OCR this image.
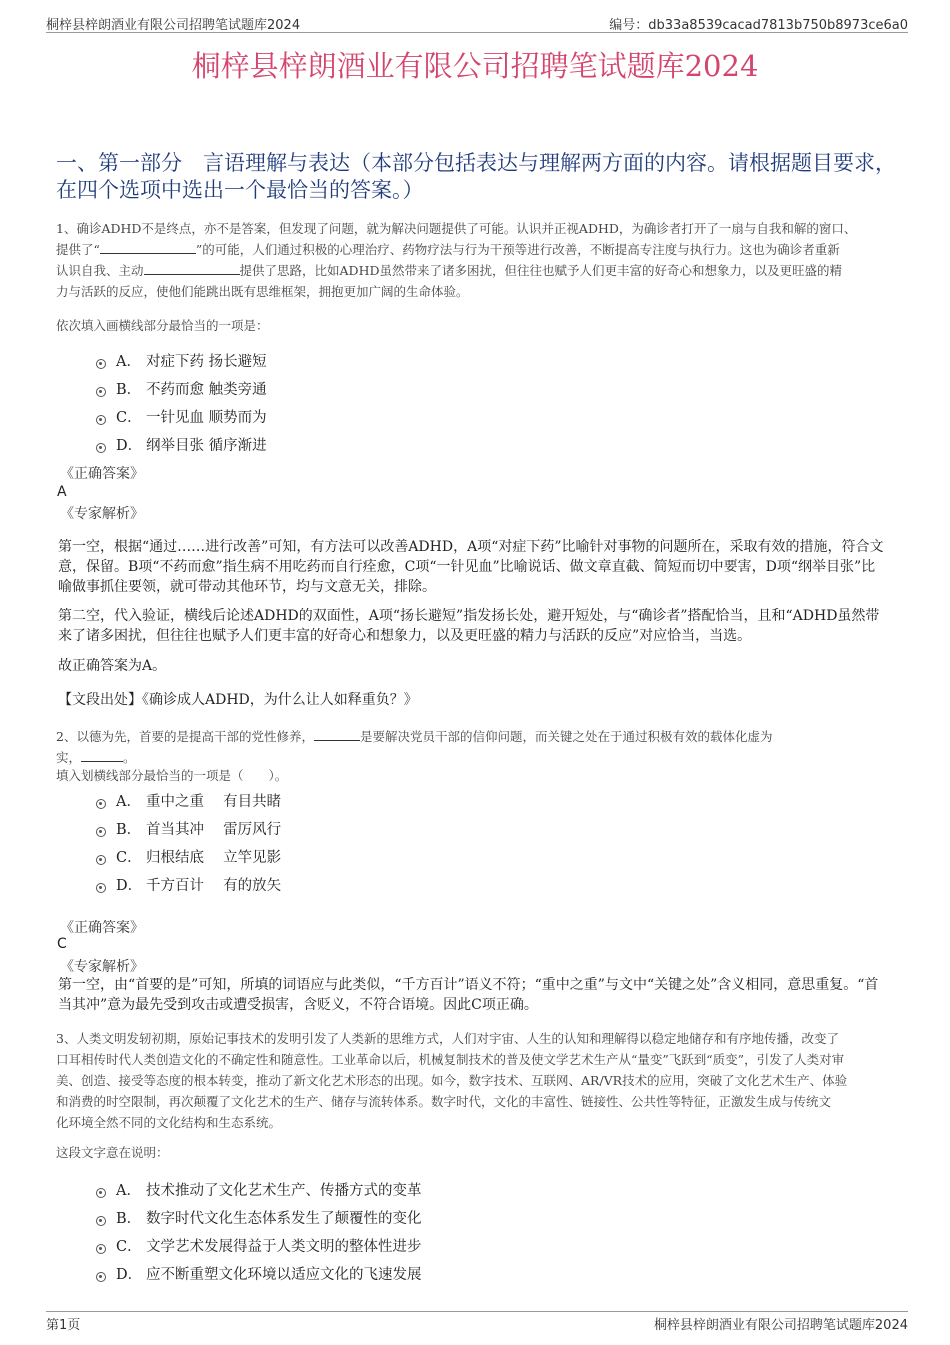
桐梓县梓朗酒业有限公司招聘笔试题库2024	编号：db33a8539cacad7813b750b8973ce6a0
桐梓县梓朗酒业有限公司招聘笔试题库2024
一、第一部分　言语理解与表达（本部分包括表达与理解两方面的内容。请根据题目要求，在四个选项中选出一个最恰当的答案。）
1、确诊ADHD不是终点，亦不是答案，但发现了问题，就为解决问题提供了可能。认识并正视ADHD，为确诊者打开了一扇与自我和解的窗口、
提供了“	”的可能，人们通过积极的心理治疗、药物疗法与行为干预等进行改善，不断提高专注度与执行力。这也为确诊者重新
认识自我、主动	提供了思路，比如ADHD虽然带来了诸多困扰，但往往也赋予人们更丰富的好奇心和想象力，以及更旺盛的精
力与活跃的反应，使他们能跳出既有思维框架，拥抱更加广阔的生命体验。
依次填入画横线部分最恰当的一项是：
A． 对症下药 扬长避短
B． 不药而愈 触类旁通
C． 一针见血 顺势而为
D． 纲举目张 循序渐进
《正确答案》
A
《专家解析》
第一空，根据“通过……进行改善”可知，有方法可以改善ADHD，A项“对症下药”比喻针对事物的问题所在，采取有效的措施，符合文意，保留。B项“不药而愈”指生病不用吃药而自行痊愈，C项“一针见血”比喻说话、做文章直截、简短而切中要害，D项“纲举目张”比喻做事抓住要领，就可带动其他环节，均与文意无关，排除。
第二空，代入验证，横线后论述ADHD的双面性，A项“扬长避短”指发扬长处，避开短处，与“确诊者”搭配恰当，且和“ADHD虽然带来了诸多困扰，但往往也赋予人们更丰富的好奇心和想象力，以及更旺盛的精力与活跃的反应”对应恰当，当选。
故正确答案为A。
【文段出处】《确诊成人ADHD，为什么让人如释重负？》
2、以德为先，首要的是提高干部的党性修养，	是要解决党员干部的信仰问题，而关键之处在于通过积极有效的载体化虚为
实，	。
填入划横线部分最恰当的一项是（　　）。
A． 重中之重　 有目共睹
B． 首当其冲　 雷厉风行
C． 归根结底　 立竿见影
D． 千方百计　 有的放矢
《正确答案》
C
《专家解析》
第一空，由“首要的是”可知，所填的词语应与此类似，“千方百计”语义不符；“重中之重”与文中“关键之处”含义相同，意思重复。“首当其冲”意为最先受到攻击或遭受损害，含贬义，不符合语境。因此C项正确。
3、人类文明发轫初期，原始记事技术的发明引发了人类新的思维方式，人们对宇宙、人生的认知和理解得以稳定地储存和有序地传播，改变了
口耳相传时代人类创造文化的不确定性和随意性。工业革命以后，机械复制技术的普及使文学艺术生产从“量变”飞跃到“质变”，引发了人类对审
美、创造、接受等态度的根本转变，推动了新文化艺术形态的出现。如今，数字技术、互联网、AR/VR技术的应用，突破了文化艺术生产、体验
和消费的时空限制，再次颠覆了文化艺术的生产、储存与流转体系。数字时代，文化的丰富性、链接性、公共性等特征，正激发生成与传统文
化环境全然不同的文化结构和生态系统。
这段文字意在说明：
A． 技术推动了文化艺术生产、传播方式的变革
B． 数字时代文化生态体系发生了颠覆性的变化
C． 文学艺术发展得益于人类文明的整体性进步
D． 应不断重塑文化环境以适应文化的飞速发展
第1页	桐梓县梓朗酒业有限公司招聘笔试题库2024
